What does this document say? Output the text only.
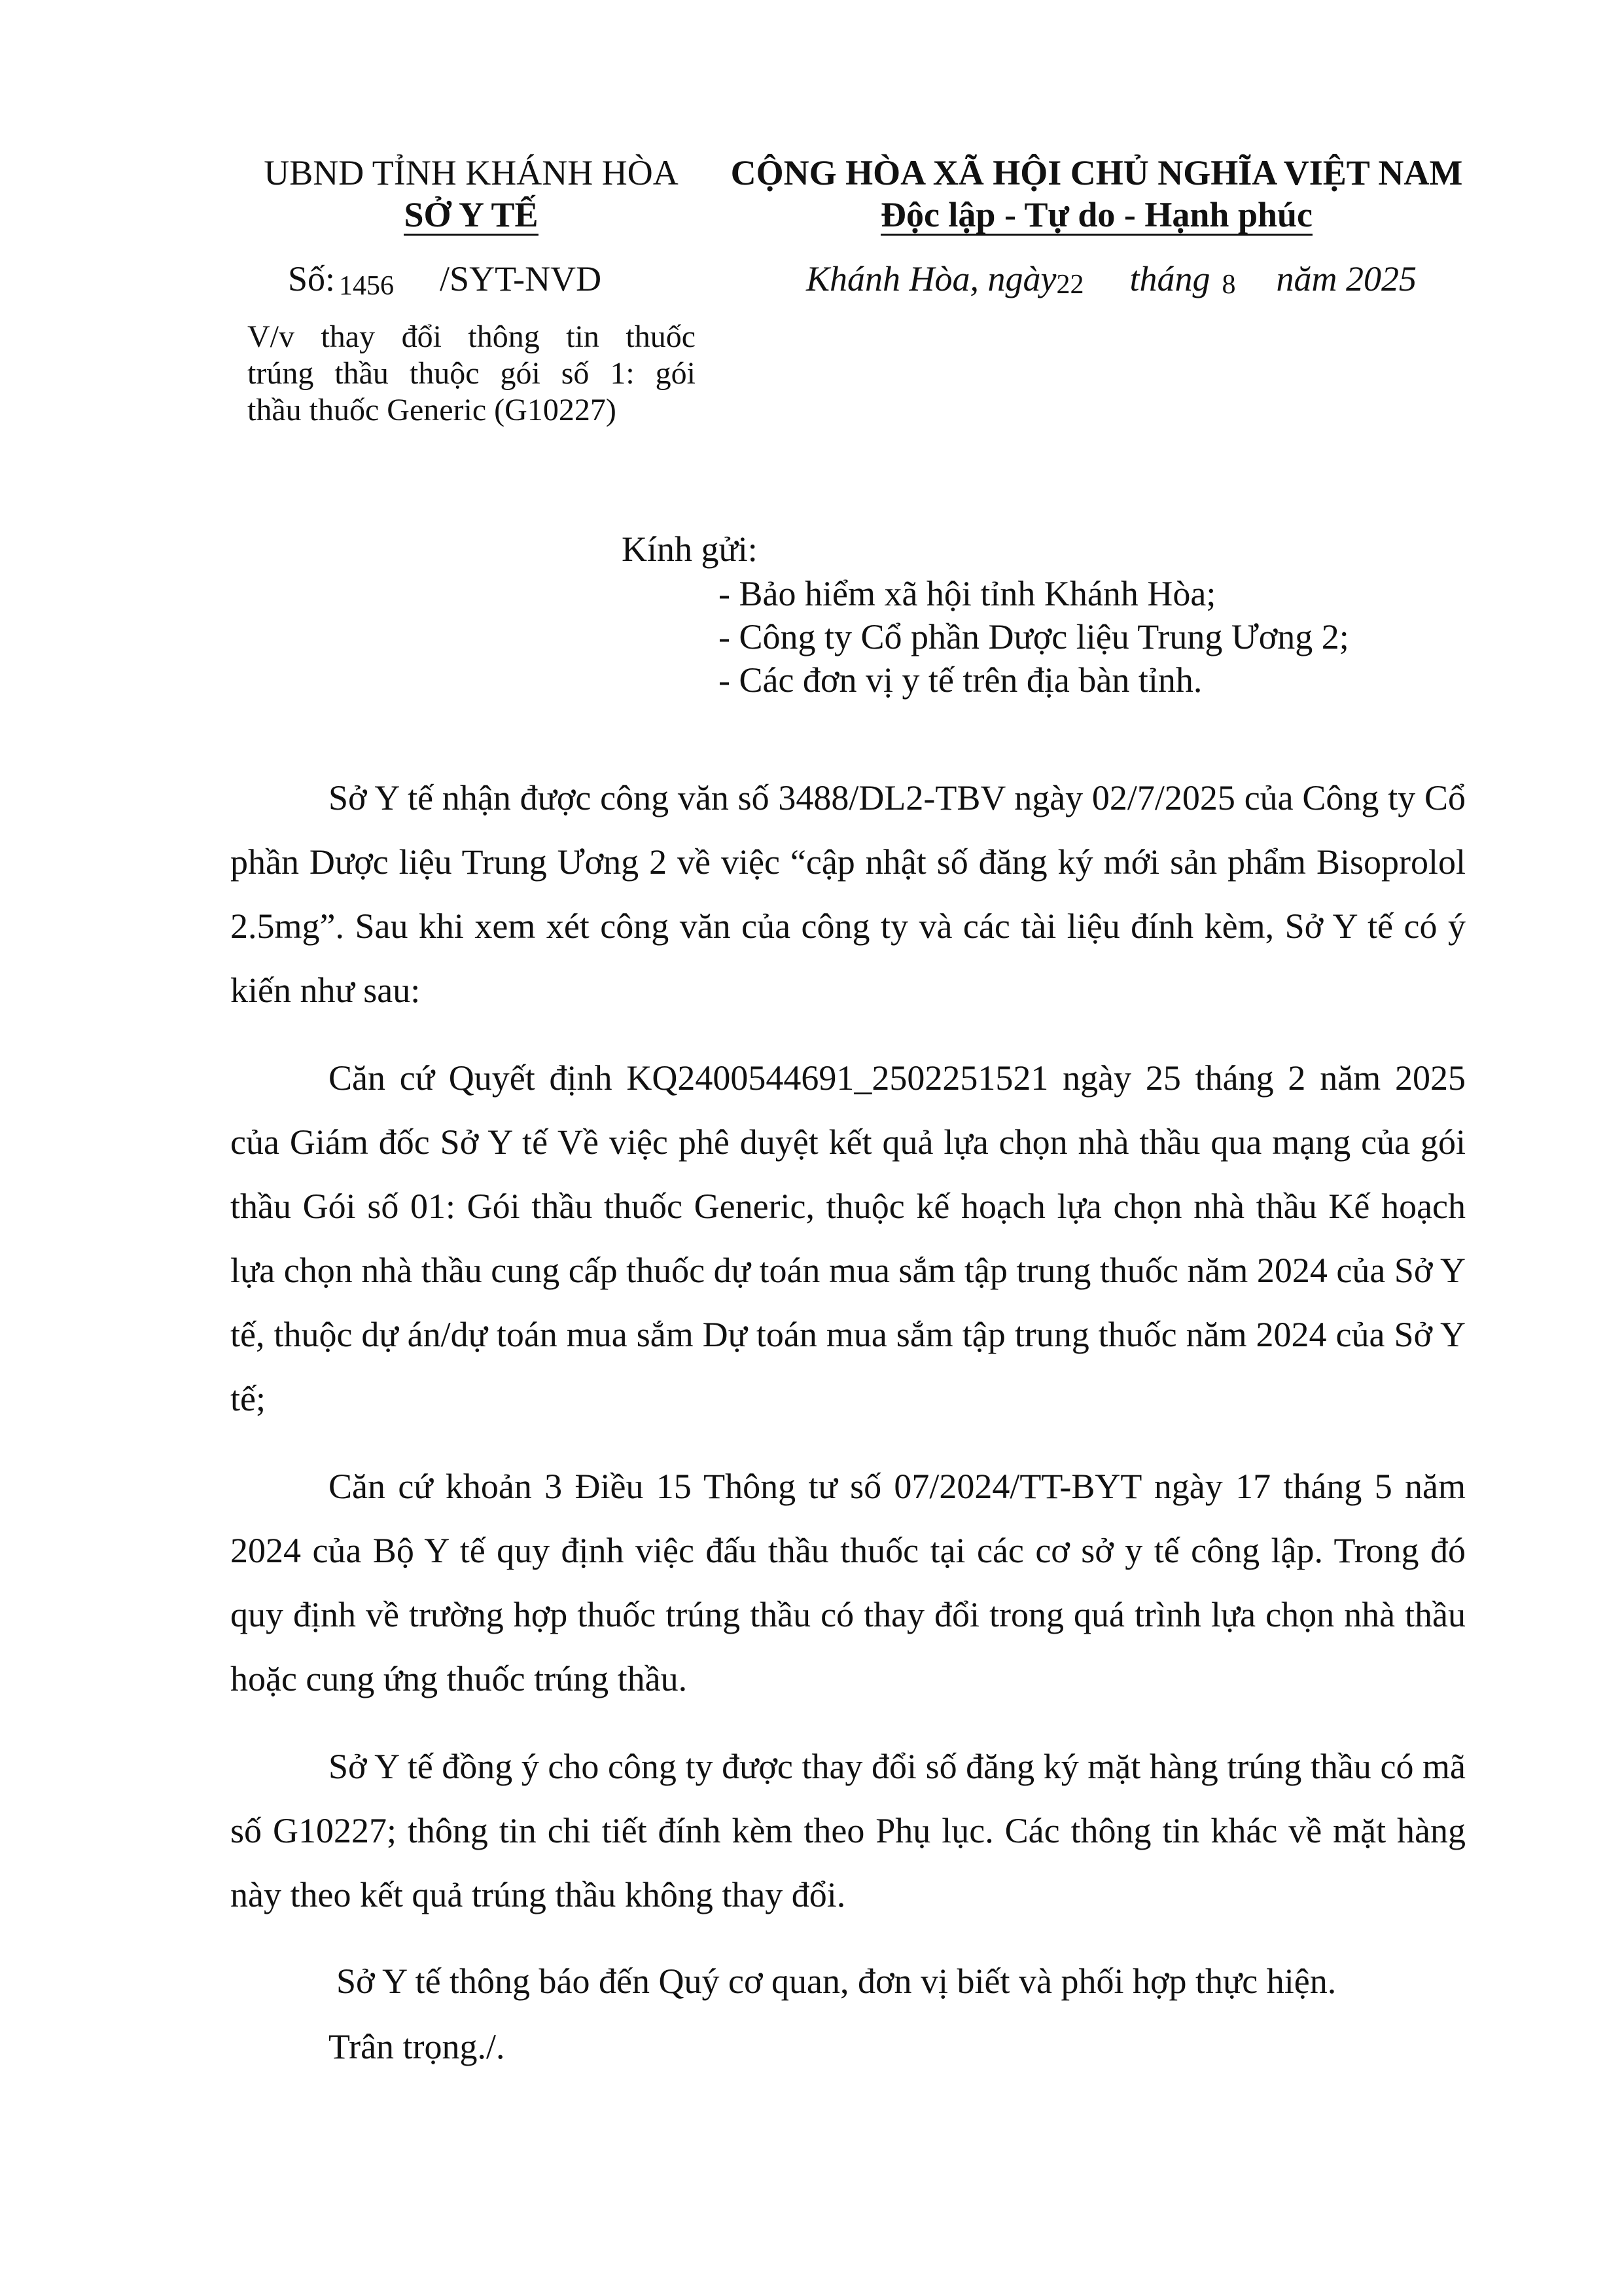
UBND TỈNH KHÁNH HÒA
SỞ Y TẾ
CỘNG HÒA XÃ HỘI CHỦ NGHĨA VIỆT NAM
Độc lập - Tự do - Hạnh phúc
Số: 1456 /SYT-NVD	Khánh Hòa, ngày22 tháng 8 năm 2025
V/v thay đổi thông tin thuốc
trúng thầu thuộc gói số 1: gói
thầu thuốc Generic (G10227)
Kính gửi:
- Bảo hiểm xã hội tỉnh Khánh Hòa;
- Công ty Cổ phần Dược liệu Trung Ương 2;
- Các đơn vị y tế trên địa bàn tỉnh.
Sở Y tế nhận được công văn số 3488/DL2-TBV ngày 02/7/2025 của Công ty Cổ phần Dược liệu Trung Ương 2 về việc “cập nhật số đăng ký mới sản phẩm Bisoprolol 2.5mg”. Sau khi xem xét công văn của công ty và các tài liệu đính kèm, Sở Y tế có ý kiến như sau:
Căn cứ Quyết định KQ2400544691_2502251521 ngày 25 tháng 2 năm 2025 của Giám đốc Sở Y tế Về việc phê duyệt kết quả lựa chọn nhà thầu qua mạng của gói thầu Gói số 01: Gói thầu thuốc Generic, thuộc kế hoạch lựa chọn nhà thầu Kế hoạch lựa chọn nhà thầu cung cấp thuốc dự toán mua sắm tập trung thuốc năm 2024 của Sở Y tế, thuộc dự án/dự toán mua sắm Dự toán mua sắm tập trung thuốc năm 2024 của Sở Y tế;
Căn cứ khoản 3 Điều 15 Thông tư số 07/2024/TT-BYT ngày 17 tháng 5 năm 2024 của Bộ Y tế quy định việc đấu thầu thuốc tại các cơ sở y tế công lập. Trong đó quy định về trường hợp thuốc trúng thầu có thay đổi trong quá trình lựa chọn nhà thầu hoặc cung ứng thuốc trúng thầu.
Sở Y tế đồng ý cho công ty được thay đổi số đăng ký mặt hàng trúng thầu có mã số G10227; thông tin chi tiết đính kèm theo Phụ lục. Các thông tin khác về mặt hàng này theo kết quả trúng thầu không thay đổi.
Sở Y tế thông báo đến Quý cơ quan, đơn vị biết và phối hợp thực hiện.
Trân trọng./.
